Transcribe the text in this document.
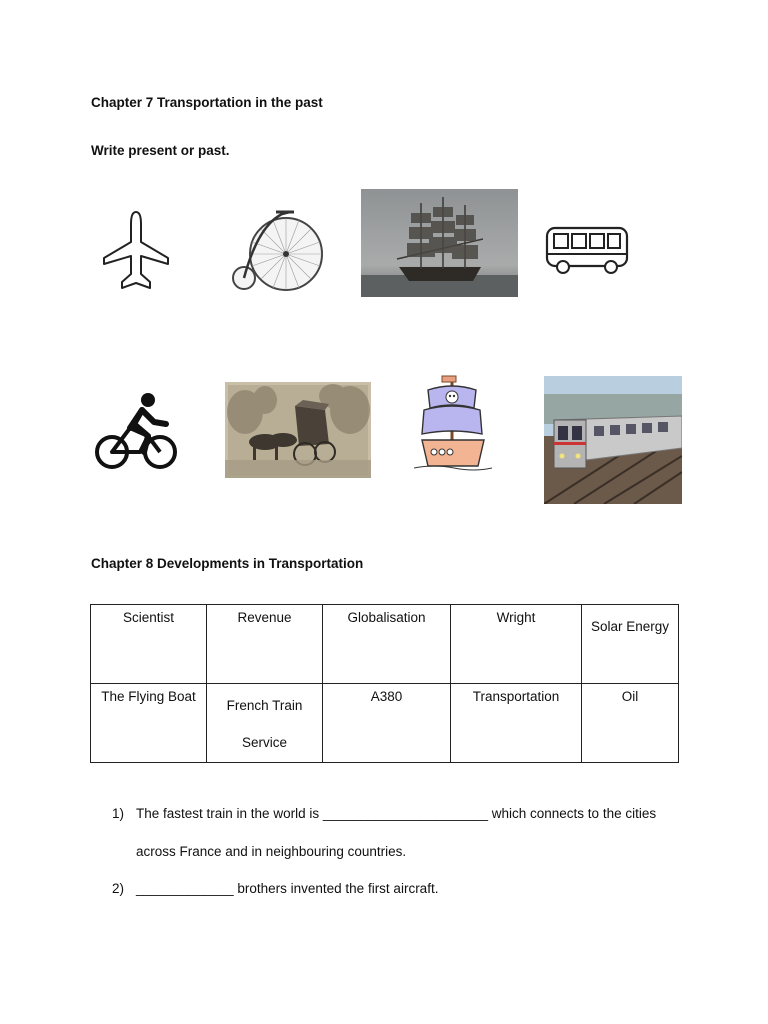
Chapter 7 Transportation in the past

Write present or past.

Chapter 8 Developments in Transportation
Scientist	Revenue	Globalisation	Wright	Solar Energy

The Flying Boat	French Train Service	A380	Transportation	Oil
1) The fastest train in the world is ______________________ which connects to the cities
across France and in neighbouring countries.
2) _____________ brothers invented the first aircraft.
